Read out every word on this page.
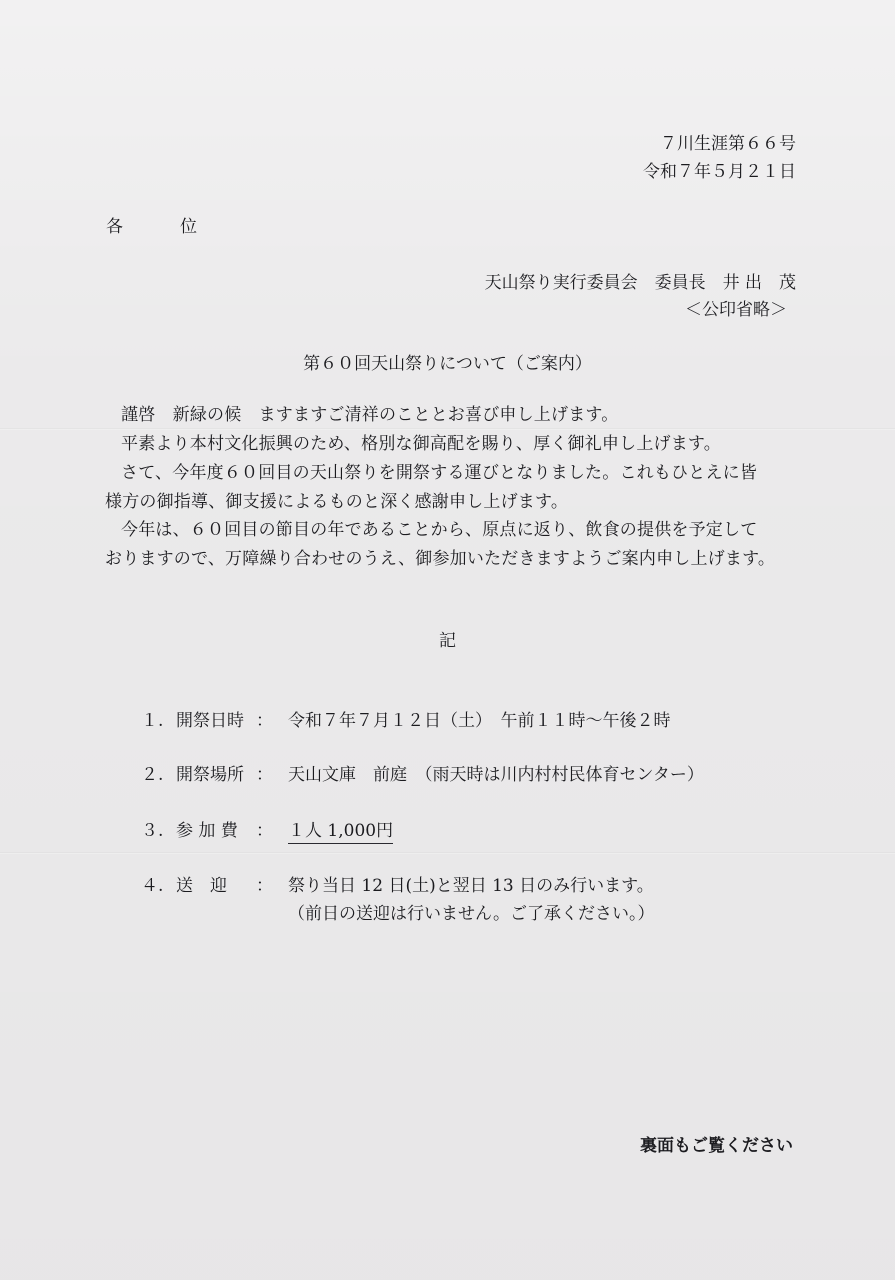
７川生涯第６６号
令和７年５月２１日
各　位
天山祭り実行委員会　委員長　井 出　茂
＜公印省略＞
第６０回天山祭りについて（ご案内）
謹啓　新緑の候　ますますご清祥のこととお喜び申し上げます。
平素より本村文化振興のため、格別な御高配を賜り、厚く御礼申し上げます。
さて、今年度６０回目の天山祭りを開祭する運びとなりました。これもひとえに皆
様方の御指導、御支援によるものと深く感謝申し上げます。
今年は、６０回目の節目の年であることから、原点に返り、飲食の提供を予定して
おりますので、万障繰り合わせのうえ、御参加いただきますようご案内申し上げます。
記
１. 開祭日時 ： 令和７年７月１２日（土）　午前１１時～午後２時
２. 開祭場所 ： 天山文庫　前庭　（雨天時は川内村村民体育センター）
３. 参 加 費 ： １人 1,000円
４. 送　迎 ： 祭り当日 12 日(土)と翌日 13 日のみ行います。
（前日の送迎は行いません。ご了承ください。）
裏面もご覧ください
